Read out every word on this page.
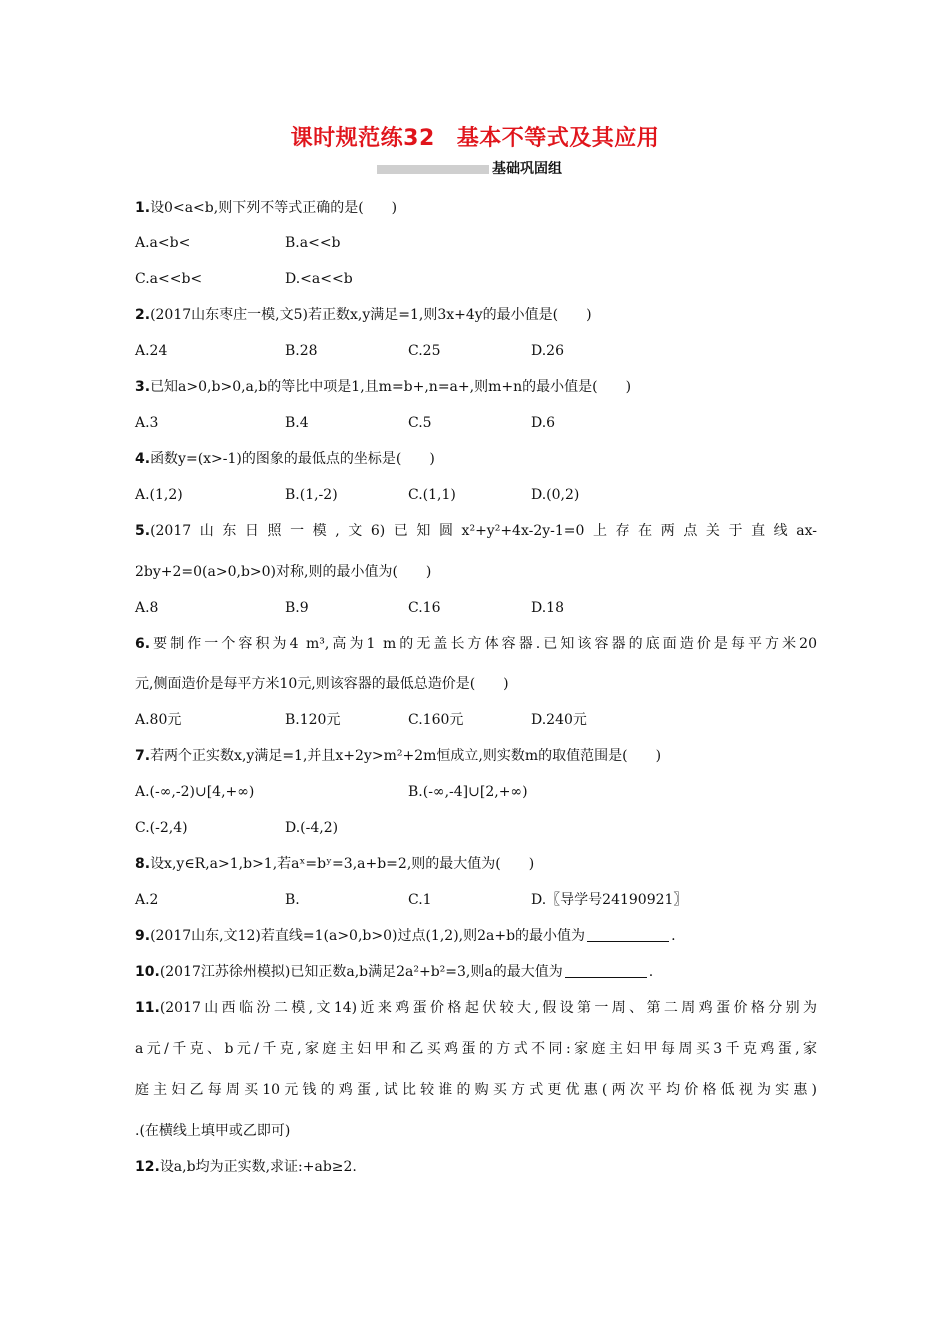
课时规范练32 基本不等式及其应用
基础巩固组
1.设0<a<b,则下列不等式正确的是(　　)
A.a<b<	B.a<<b
C.a<<b<	D.<a<<b
2.(2017山东枣庄一模,文5)若正数x,y满足=1,则3x+4y的最小值是(　　)
A.24	B.28	C.25	D.26
3.已知a>0,b>0,a,b的等比中项是1,且m=b+,n=a+,则m+n的最小值是(　　)
A.3	B.4	C.5	D.6
4.函数y=(x>-1)的图象的最低点的坐标是(　　)
A.(1,2)	B.(1,-2)	C.(1,1)	D.(0,2)
5.(2017山东日照一模,文6)已知圆x²+y²+4x-2y-1=0上存在两点关于直线ax-
2by+2=0(a>0,b>0)对称,则的最小值为(　　)
A.8	B.9	C.16	D.18
6.要制作一个容积为4 m³,高为1 m的无盖长方体容器.已知该容器的底面造价是每平方米20
元,侧面造价是每平方米10元,则该容器的最低总造价是(　　)
A.80元	B.120元	C.160元	D.240元
7.若两个正实数x,y满足=1,并且x+2y>m²+2m恒成立,则实数m的取值范围是(　　)
A.(-∞,-2)∪[4,+∞)	B.(-∞,-4]∪[2,+∞)
C.(-2,4)	D.(-4,2)
8.设x,y∈R,a>1,b>1,若aˣ=bʸ=3,a+b=2,则的最大值为(　　)
A.2	B.	C.1	D.〖导学号24190921〗
9.(2017山东,文12)若直线=1(a>0,b>0)过点(1,2),则2a+b的最小值为	.
10.(2017江苏徐州模拟)已知正数a,b满足2a²+b²=3,则a的最大值为	.
11.(2017山西临汾二模,文14)近来鸡蛋价格起伏较大,假设第一周、第二周鸡蛋价格分别为
a元/千克、b元/千克,家庭主妇甲和乙买鸡蛋的方式不同:家庭主妇甲每周买3千克鸡蛋,家
庭主妇乙每周买10元钱的鸡蛋,试比较谁的购买方式更优惠(两次平均价格低视为实惠)
.(在横线上填甲或乙即可)
12.设a,b均为正实数,求证:+ab≥2.
